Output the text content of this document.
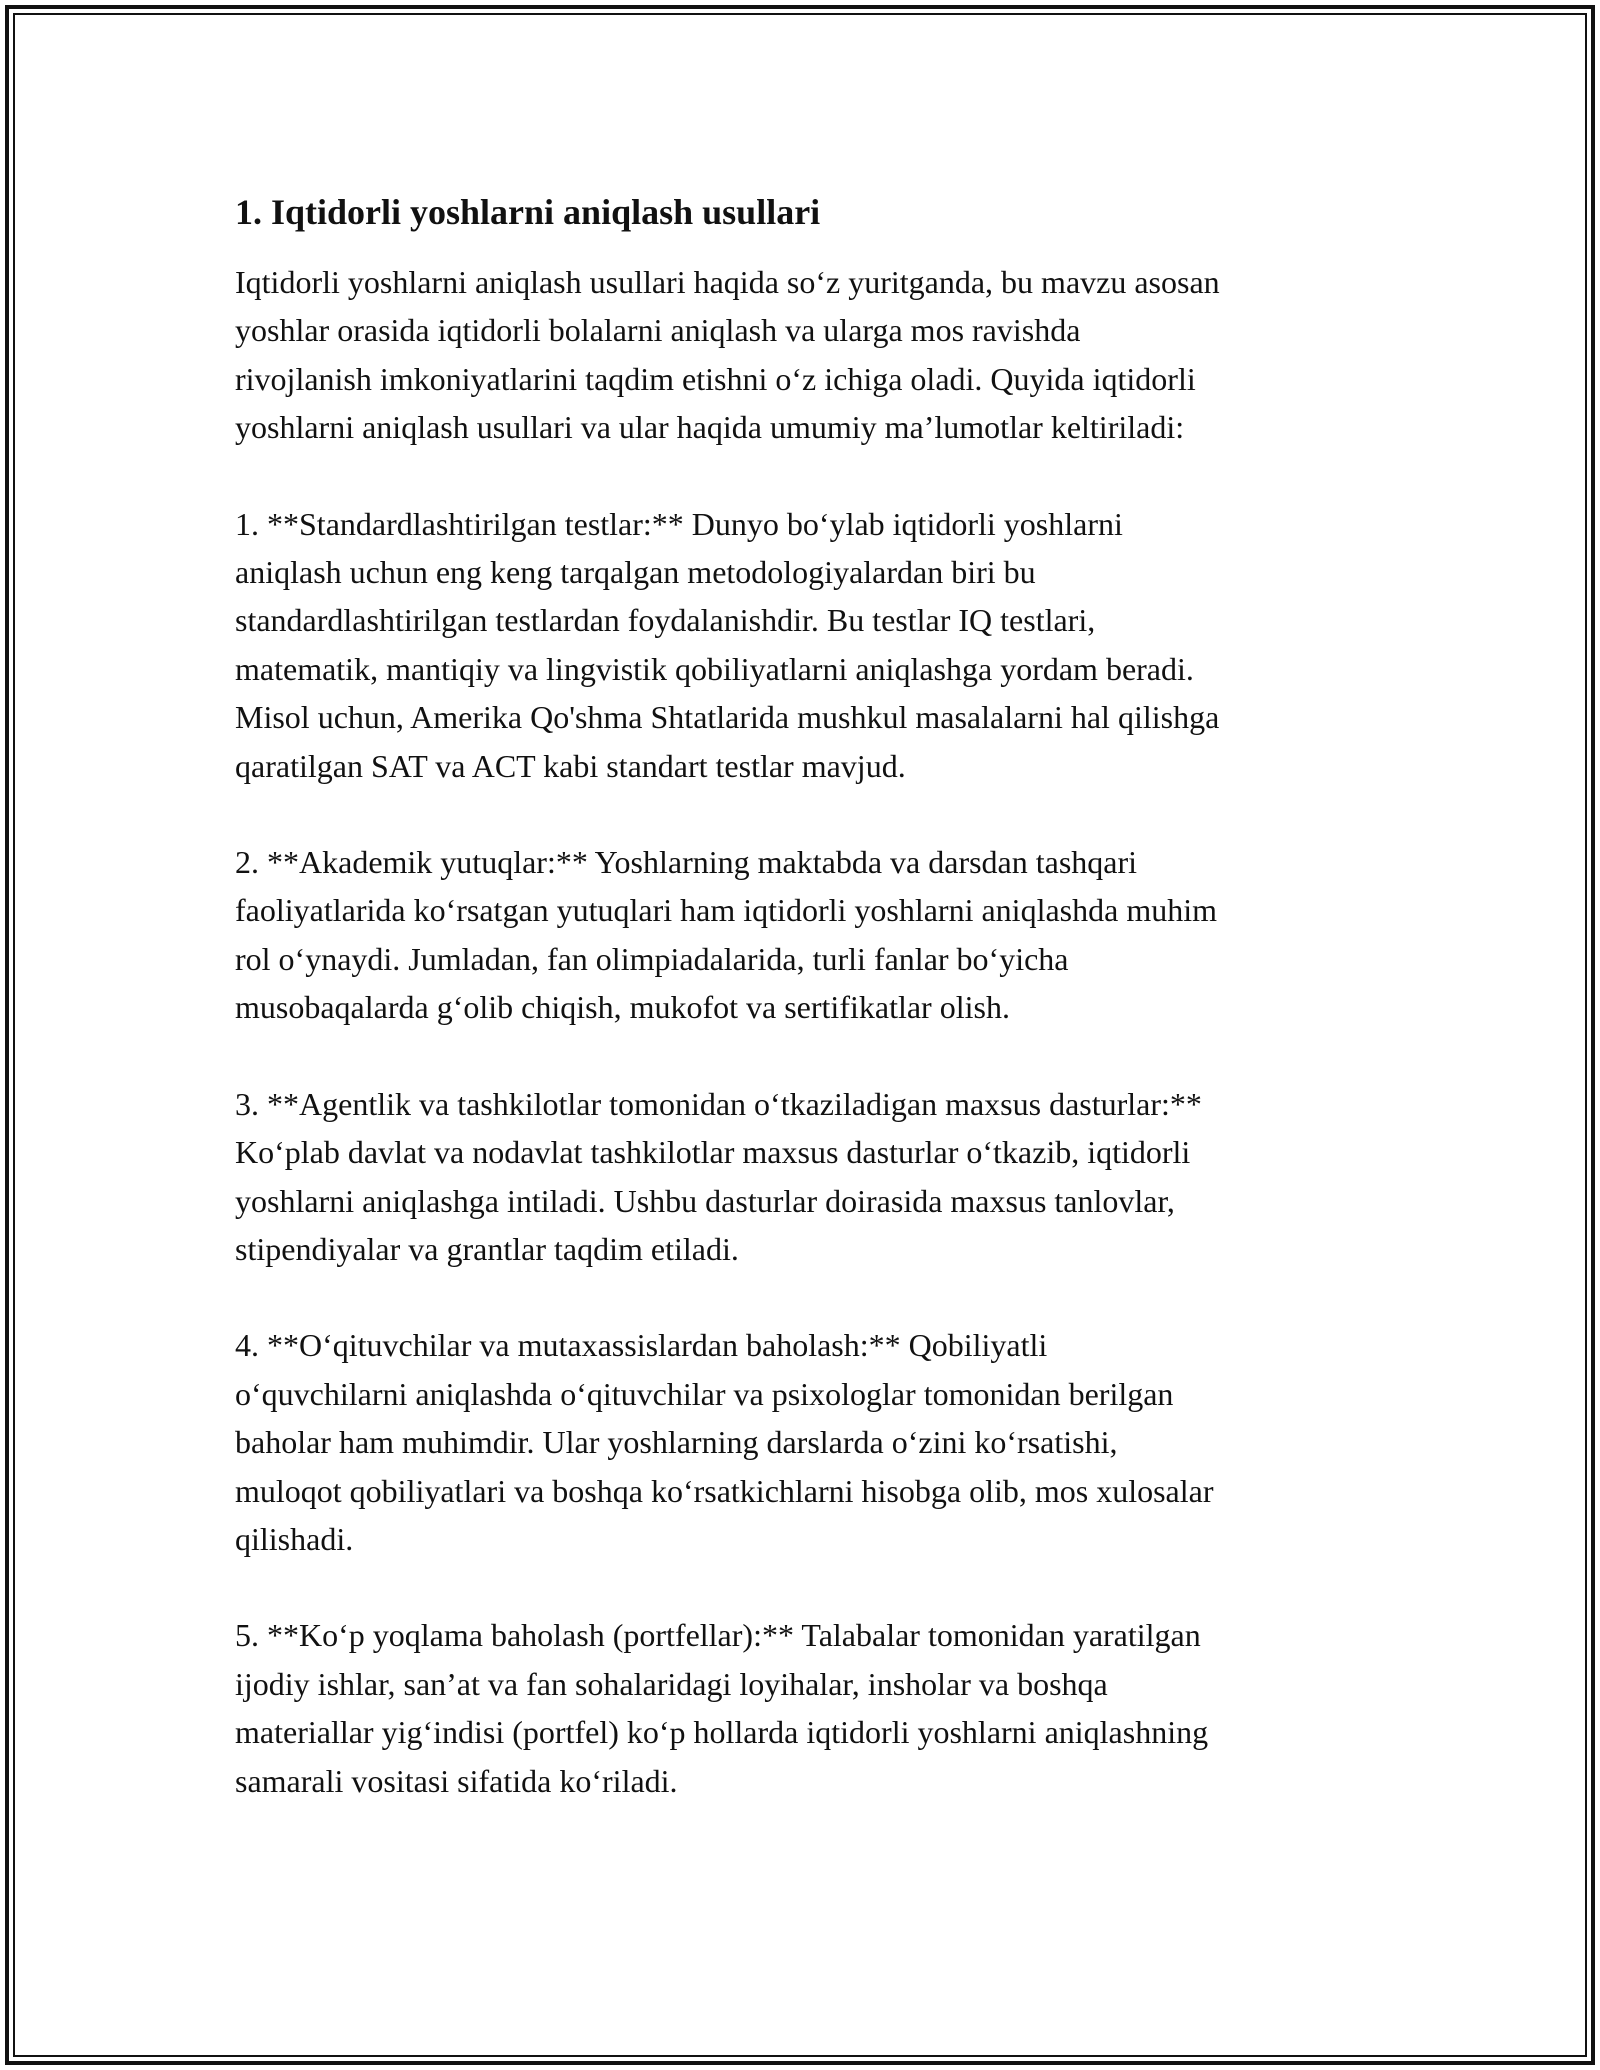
1. Iqtidorli yoshlarni aniqlash usullari

Iqtidorli yoshlarni aniqlash usullari haqida so‘z yuritganda, bu mavzu asosan
yoshlar orasida iqtidorli bolalarni aniqlash va ularga mos ravishda
rivojlanish imkoniyatlarini taqdim etishni o‘z ichiga oladi. Quyida iqtidorli
yoshlarni aniqlash usullari va ular haqida umumiy ma’lumotlar keltiriladi:

1. **Standardlashtirilgan testlar:** Dunyo bo‘ylab iqtidorli yoshlarni
aniqlash uchun eng keng tarqalgan metodologiyalardan biri bu
standardlashtirilgan testlardan foydalanishdir. Bu testlar IQ testlari,
matematik, mantiqiy va lingvistik qobiliyatlarni aniqlashga yordam beradi.
Misol uchun, Amerika Qo'shma Shtatlarida mushkul masalalarni hal qilishga
qaratilgan SAT va ACT kabi standart testlar mavjud.

2. **Akademik yutuqlar:** Yoshlarning maktabda va darsdan tashqari
faoliyatlarida ko‘rsatgan yutuqlari ham iqtidorli yoshlarni aniqlashda muhim
rol o‘ynaydi. Jumladan, fan olimpiadalarida, turli fanlar bo‘yicha
musobaqalarda g‘olib chiqish, mukofot va sertifikatlar olish.

3. **Agentlik va tashkilotlar tomonidan o‘tkaziladigan maxsus dasturlar:**
Ko‘plab davlat va nodavlat tashkilotlar maxsus dasturlar o‘tkazib, iqtidorli
yoshlarni aniqlashga intiladi. Ushbu dasturlar doirasida maxsus tanlovlar,
stipendiyalar va grantlar taqdim etiladi.

4. **O‘qituvchilar va mutaxassislardan baholash:** Qobiliyatli
o‘quvchilarni aniqlashda o‘qituvchilar va psixologlar tomonidan berilgan
baholar ham muhimdir. Ular yoshlarning darslarda o‘zini ko‘rsatishi,
muloqot qobiliyatlari va boshqa ko‘rsatkichlarni hisobga olib, mos xulosalar
qilishadi.

5. **Ko‘p yoqlama baholash (portfellar):** Talabalar tomonidan yaratilgan
ijodiy ishlar, san’at va fan sohalaridagi loyihalar, insholar va boshqa
materiallar yig‘indisi (portfel) ko‘p hollarda iqtidorli yoshlarni aniqlashning
samarali vositasi sifatida ko‘riladi.
